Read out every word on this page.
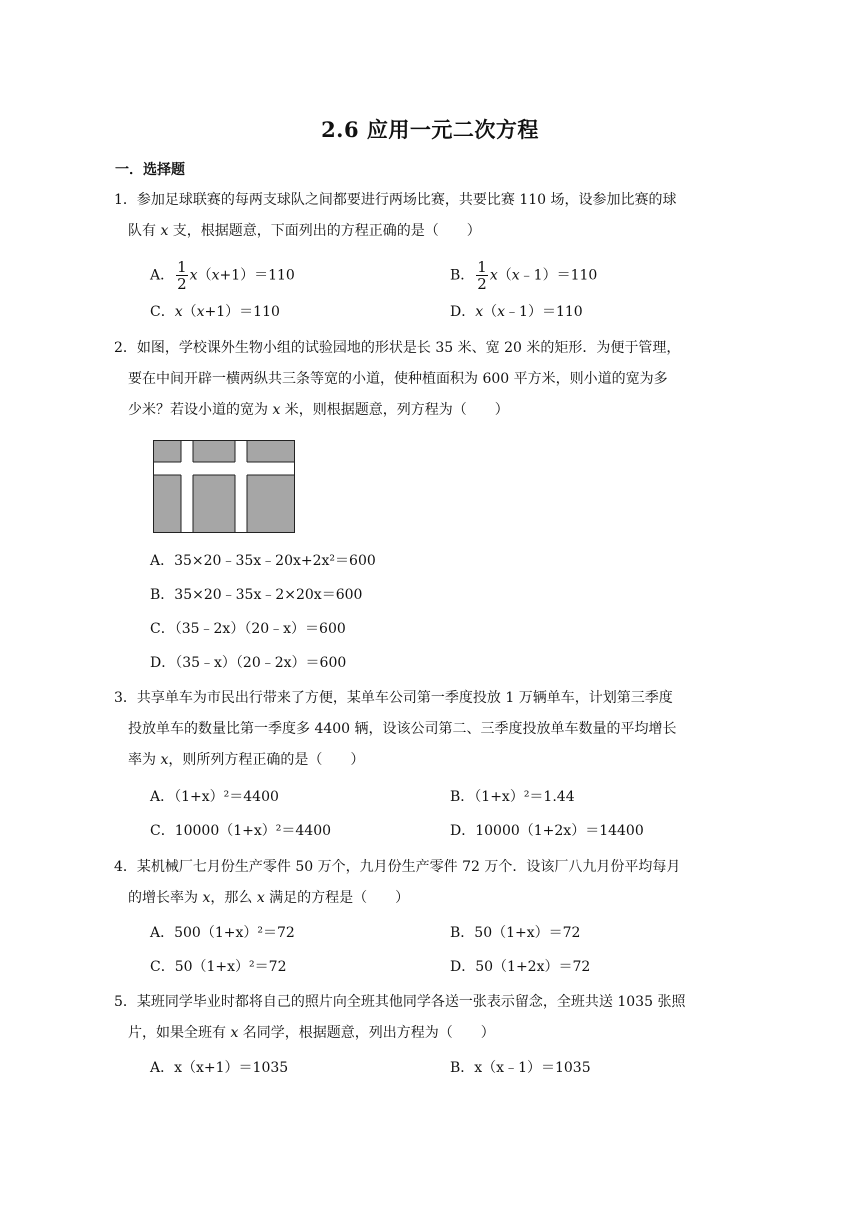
2.6 应用一元二次方程
一．选择题
1．参加足球联赛的每两支球队之间都要进行两场比赛，共要比赛 110 场，设参加比赛的球
队有 x 支，根据题意，下面列出的方程正确的是（　　）
A． $\frac{1}{2} x(x+1)=110$	B． $\frac{1}{2}$ x（x﹣1）＝110
C．x（x+1）＝110	D．x（x﹣1）＝110
2．如图，学校课外生物小组的试验园地的形状是长 35 米、宽 20 米的矩形．为便于管理，
要在中间开辟一横两纵共三条等宽的小道，使种植面积为 600 平方米，则小道的宽为多
少米？若设小道的宽为 x 米，则根据题意，列方程为（　　）
A．35×20﹣35x﹣20x+2x²＝600
B．35×20﹣35x﹣2×20x＝600
C．（35﹣2x）（20﹣x）＝600
D．（35﹣x）（20﹣2x）＝600
3．共享单车为市民出行带来了方便，某单车公司第一季度投放 1 万辆单车，计划第三季度
投放单车的数量比第一季度多 4400 辆，设该公司第二、三季度投放单车数量的平均增长
率为 x，则所列方程正确的是（　　）
A．（1+x）²＝4400	B．（1+x）²＝1.44
C．10000（1+x）²＝4400	D．10000（1+2x）＝14400
4．某机械厂七月份生产零件 50 万个，九月份生产零件 72 万个．设该厂八九月份平均每月
的增长率为 x，那么 x 满足的方程是（　　）
A．500（1+x）²＝72	B．50（1+x）＝72
C．50（1+x）²＝72	D．50（1+2x）＝72
5．某班同学毕业时都将自己的照片向全班其他同学各送一张表示留念，全班共送 1035 张照
片，如果全班有 x 名同学，根据题意，列出方程为（　　）
A．x（x+1）＝1035	B．x（x﹣1）＝1035
